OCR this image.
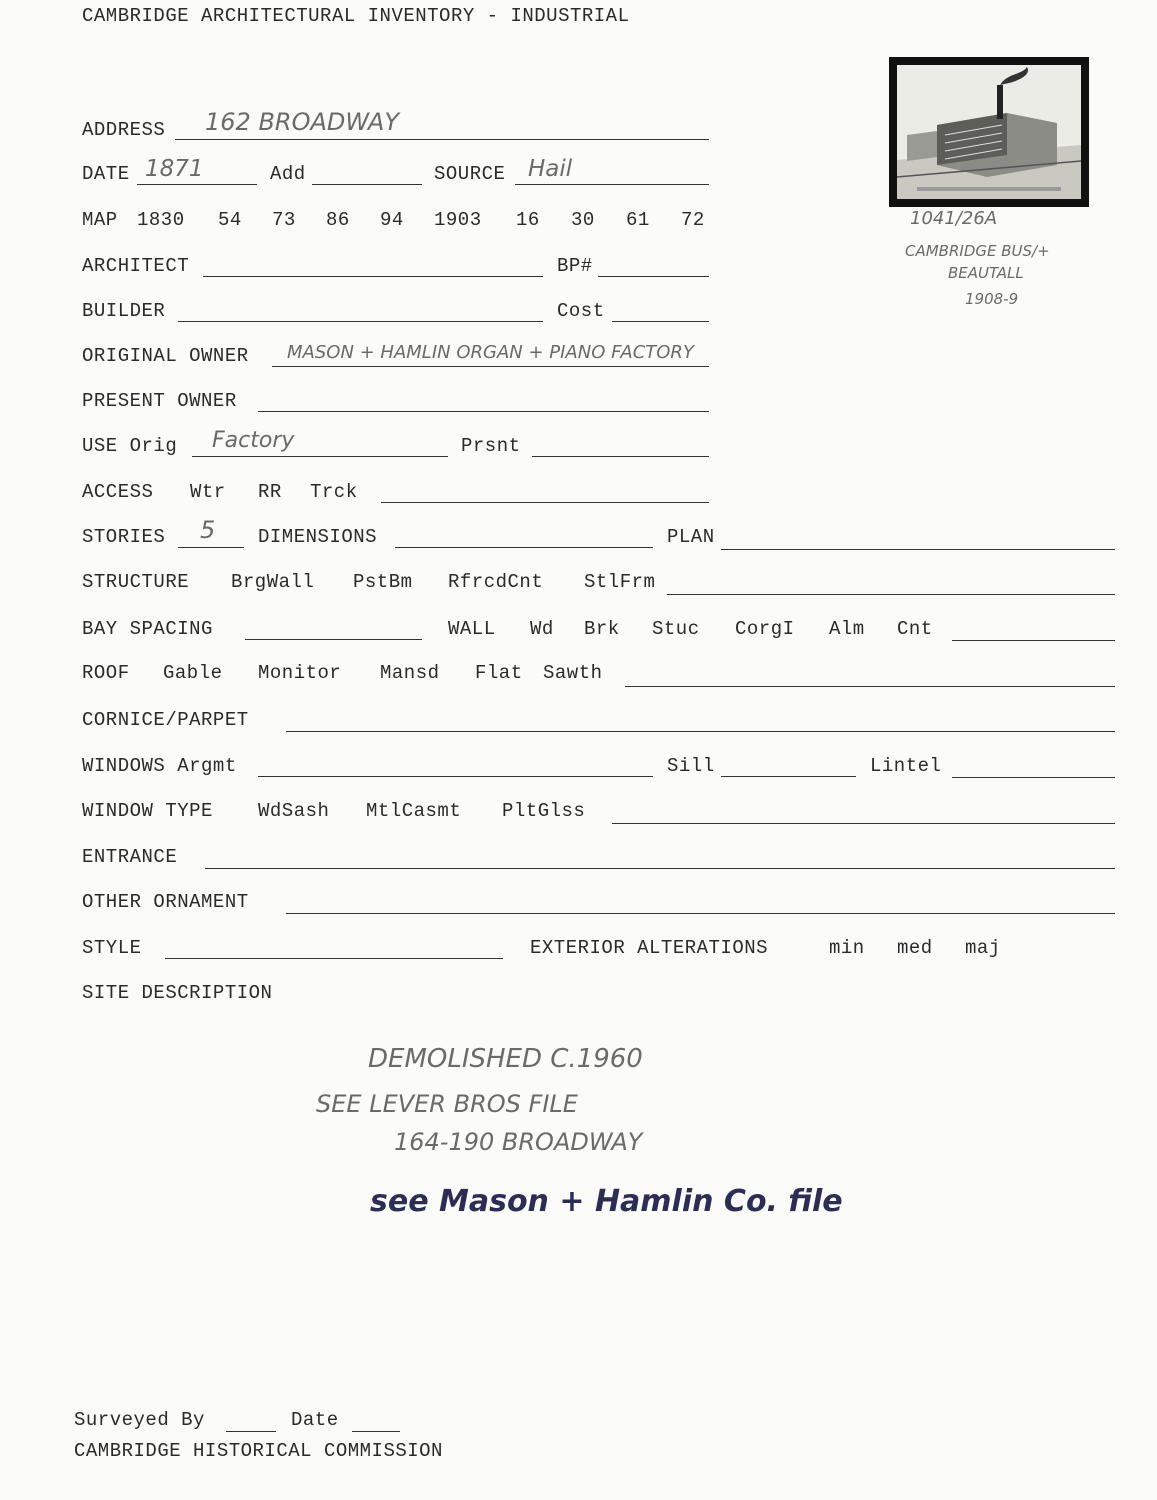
CAMBRIDGE ARCHITECTURAL INVENTORY - INDUSTRIAL
1041/26A
CAMBRIDGE BUS/+
BEAUTALL
1908-9
ADDRESS 162 BROADWAY
DATE 1871	Add	SOURCE Hail
MAP 1830 54 73 86 94 1903 16 30 61 72
ARCHITECT	BP#
BUILDER	Cost
ORIGINAL OWNER MASON + HAMLIN ORGAN + PIANO FACTORY
PRESENT OWNER
USE Orig Factory	Prsnt
ACCESS Wtr RR Trck
STORIES 5 DIMENSIONS	PLAN
STRUCTURE BrgWall PstBm RfrcdCnt StlFrm
BAY SPACING	WALL Wd Brk Stuc CorgI Alm Cnt
ROOF Gable Monitor Mansd Flat Sawth
CORNICE/PARPET
WINDOWS Argmt	Sill	Lintel
WINDOW TYPE WdSash MtlCasmt PltGlss
ENTRANCE
OTHER ORNAMENT
STYLE	EXTERIOR ALTERATIONS	min med maj
SITE DESCRIPTION
DEMOLISHED C.1960
SEE LEVER BROS FILE
164-190 BROADWAY
see Mason + Hamlin Co. file
Surveyed By	Date
CAMBRIDGE HISTORICAL COMMISSION
